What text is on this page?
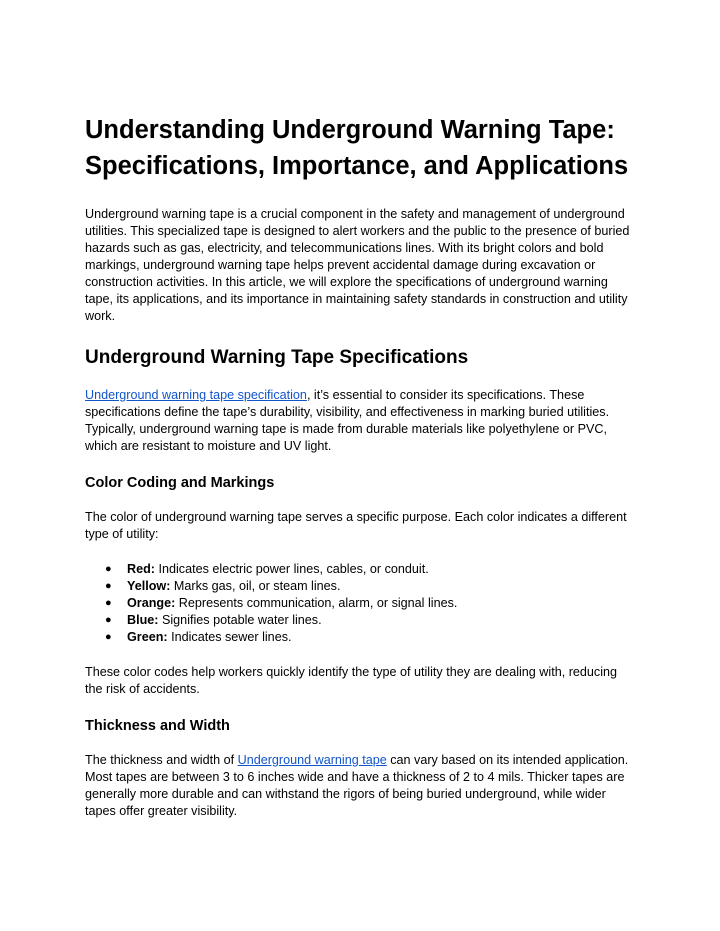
Understanding Underground Warning Tape: Specifications, Importance, and Applications

Underground warning tape is a crucial component in the safety and management of underground utilities. This specialized tape is designed to alert workers and the public to the presence of buried hazards such as gas, electricity, and telecommunications lines. With its bright colors and bold markings, underground warning tape helps prevent accidental damage during excavation or construction activities. In this article, we will explore the specifications of underground warning tape, its applications, and its importance in maintaining safety standards in construction and utility work.

Underground Warning Tape Specifications

Underground warning tape specification, it’s essential to consider its specifications. These specifications define the tape’s durability, visibility, and effectiveness in marking buried utilities. Typically, underground warning tape is made from durable materials like polyethylene or PVC, which are resistant to moisture and UV light.

Color Coding and Markings

The color of underground warning tape serves a specific purpose. Each color indicates a different type of utility:

● Red: Indicates electric power lines, cables, or conduit.
● Yellow: Marks gas, oil, or steam lines.
● Orange: Represents communication, alarm, or signal lines.
● Blue: Signifies potable water lines.
● Green: Indicates sewer lines.

These color codes help workers quickly identify the type of utility they are dealing with, reducing the risk of accidents.

Thickness and Width

The thickness and width of Underground warning tape can vary based on its intended application. Most tapes are between 3 to 6 inches wide and have a thickness of 2 to 4 mils. Thicker tapes are generally more durable and can withstand the rigors of being buried underground, while wider tapes offer greater visibility.
